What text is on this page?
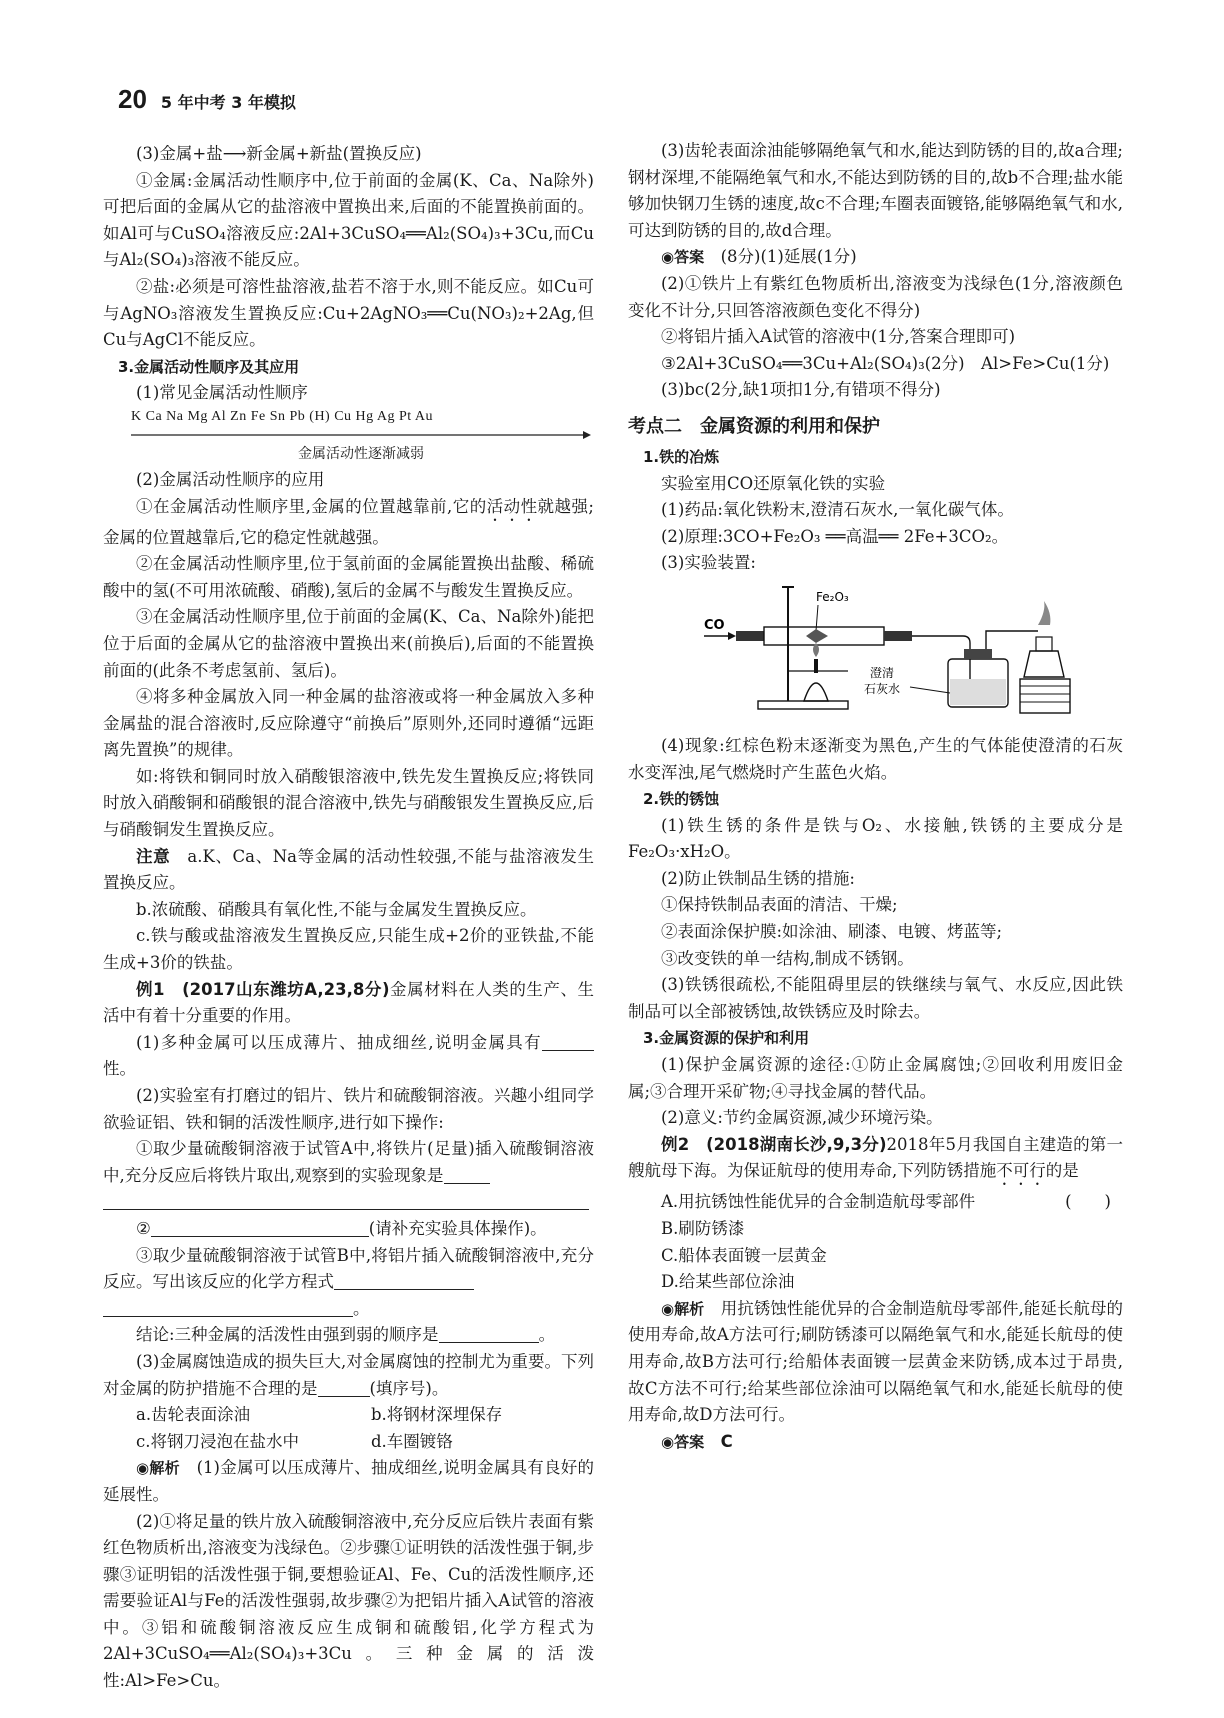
20 5 年中考 3 年模拟

(3)金属+盐⟶新金属+新盐(置换反应)

①金属:金属活动性顺序中,位于前面的金属(K、Ca、Na除外)可把后面的金属从它的盐溶液中置换出来,后面的不能置换前面的。如Al可与CuSO₄溶液反应:2Al+3CuSO₄══Al₂(SO₄)₃+3Cu,而Cu与Al₂(SO₄)₃溶液不能反应。

②盐:必须是可溶性盐溶液,盐若不溶于水,则不能反应。如Cu可与AgNO₃溶液发生置换反应:Cu+2AgNO₃══Cu(NO₃)₂+2Ag,但Cu与AgCl不能反应。

3.金属活动性顺序及其应用

(1)常见金属活动性顺序

K Ca Na Mg Al Zn Fe Sn Pb (H) Cu Hg Ag Pt Au
金属活动性逐渐减弱

(2)金属活动性顺序的应用

①在金属活动性顺序里,金属的位置越靠前,它的活动性就越强;金属的位置越靠后,它的稳定性就越强。

②在金属活动性顺序里,位于氢前面的金属能置换出盐酸、稀硫酸中的氢(不可用浓硫酸、硝酸),氢后的金属不与酸发生置换反应。

③在金属活动性顺序里,位于前面的金属(K、Ca、Na除外)能把位于后面的金属从它的盐溶液中置换出来(前换后),后面的不能置换前面的(此条不考虑氢前、氢后)。

④将多种金属放入同一种金属的盐溶液或将一种金属放入多种金属盐的混合溶液时,反应除遵守“前换后”原则外,还同时遵循“远距离先置换”的规律。

如:将铁和铜同时放入硝酸银溶液中,铁先发生置换反应;将铁同时放入硝酸铜和硝酸银的混合溶液中,铁先与硝酸银发生置换反应,后与硝酸铜发生置换反应。

注意　 a.K、Ca、Na等金属的活动性较强,不能与盐溶液发生置换反应。

b.浓硫酸、硝酸具有氧化性,不能与金属发生置换反应。

c.铁与酸或盐溶液发生置换反应,只能生成+2价的亚铁盐,不能生成+3价的铁盐。

例1　 (2017山东潍坊A,23,8分)金属材料在人类的生产、生活中有着十分重要的作用。

(1)多种金属可以压成薄片、抽成细丝,说明金属具有性。

(2)实验室有打磨过的铝片、铁片和硫酸铜溶液。兴趣小组同学欲验证铝、铁和铜的活泼性顺序,进行如下操作:

①取少量硫酸铜溶液于试管A中,将铁片(足量)插入硫酸铜溶液中,充分反应后将铁片取出,观察到的实验现象是

②	(请补充实验具体操作)。

③取少量硫酸铜溶液于试管B中,将铝片插入硫酸铜溶液中,充分反应。写出该反应的化学方程式

。

结论:三种金属的活泼性由强到弱的顺序是	。

(3)金属腐蚀造成的损失巨大,对金属腐蚀的控制尤为重要。下列对金属的防护措施不合理的是	(填序号)。

a.齿轮表面涂油	b.将钢材深埋保存

c.将钢刀浸泡在盐水中	d.车圈镀铬

◉解析　 (1)金属可以压成薄片、抽成细丝,说明金属具有良好的延展性。

(2)①将足量的铁片放入硫酸铜溶液中,充分反应后铁片表面有紫红色物质析出,溶液变为浅绿色。②步骤①证明铁的活泼性强于铜,步骤③证明铝的活泼性强于铜,要想验证Al、Fe、Cu的活泼性顺序,还需要验证Al与Fe的活泼性强弱,故步骤②为把铝片插入A试管的溶液中。③铝和硫酸铜溶液反应生成铜和硫酸铝,化学方程式为2Al+3CuSO₄══Al₂(SO₄)₃+3Cu。三种金属的活泼性:Al>Fe>Cu。

(3)齿轮表面涂油能够隔绝氧气和水,能达到防锈的目的,故a合理;钢材深埋,不能隔绝氧气和水,不能达到防锈的目的,故b不合理;盐水能够加快钢刀生锈的速度,故c不合理;车圈表面镀铬,能够隔绝氧气和水,可达到防锈的目的,故d合理。

◉答案　 (8分)(1)延展(1分)

(2)①铁片上有紫红色物质析出,溶液变为浅绿色(1分,溶液颜色变化不计分,只回答溶液颜色变化不得分)

②将铝片插入A试管的溶液中(1分,答案合理即可)

③2Al+3CuSO₄══3Cu+Al₂(SO₄)₃(2分)　Al>Fe>Cu(1分)

(3)bc(2分,缺1项扣1分,有错项不得分)

考点二　金属资源的利用和保护

1.铁的冶炼

实验室用CO还原氧化铁的实验

(1)药品:氧化铁粉末,澄清石灰水,一氧化碳气体。

(2)原理:3CO+Fe₂O₃ ══高温══ 2Fe+3CO₂。

(3)实验装置:

CO
Fe₂O₃
澄清
石灰水

(4)现象:红棕色粉末逐渐变为黑色,产生的气体能使澄清的石灰水变浑浊,尾气燃烧时产生蓝色火焰。

2.铁的锈蚀

(1)铁生锈的条件是铁与O₂、水接触,铁锈的主要成分是Fe₂O₃·xH₂O。

(2)防止铁制品生锈的措施:

①保持铁制品表面的清洁、干燥;

②表面涂保护膜:如涂油、刷漆、电镀、烤蓝等;

③改变铁的单一结构,制成不锈钢。

(3)铁锈很疏松,不能阻碍里层的铁继续与氧气、水反应,因此铁制品可以全部被锈蚀,故铁锈应及时除去。

3.金属资源的保护和利用

(1)保护金属资源的途径:①防止金属腐蚀;②回收利用废旧金属;③合理开采矿物;④寻找金属的替代品。

(2)意义:节约金属资源,减少环境污染。

例2　 (2018湖南长沙,9,3分)2018年5月我国自主建造的第一艘航母下海。为保证航母的使用寿命,下列防锈措施不可行的是
(　　)

A.用抗锈蚀性能优异的合金制造航母零部件

B.刷防锈漆

C.船体表面镀一层黄金

D.给某些部位涂油

◉解析　 用抗锈蚀性能优异的合金制造航母零部件,能延长航母的使用寿命,故A方法可行;刷防锈漆可以隔绝氧气和水,能延长航母的使用寿命,故B方法可行;给船体表面镀一层黄金来防锈,成本过于昂贵,故C方法不可行;给某些部位涂油可以隔绝氧气和水,能延长航母的使用寿命,故D方法可行。

◉答案　 C
